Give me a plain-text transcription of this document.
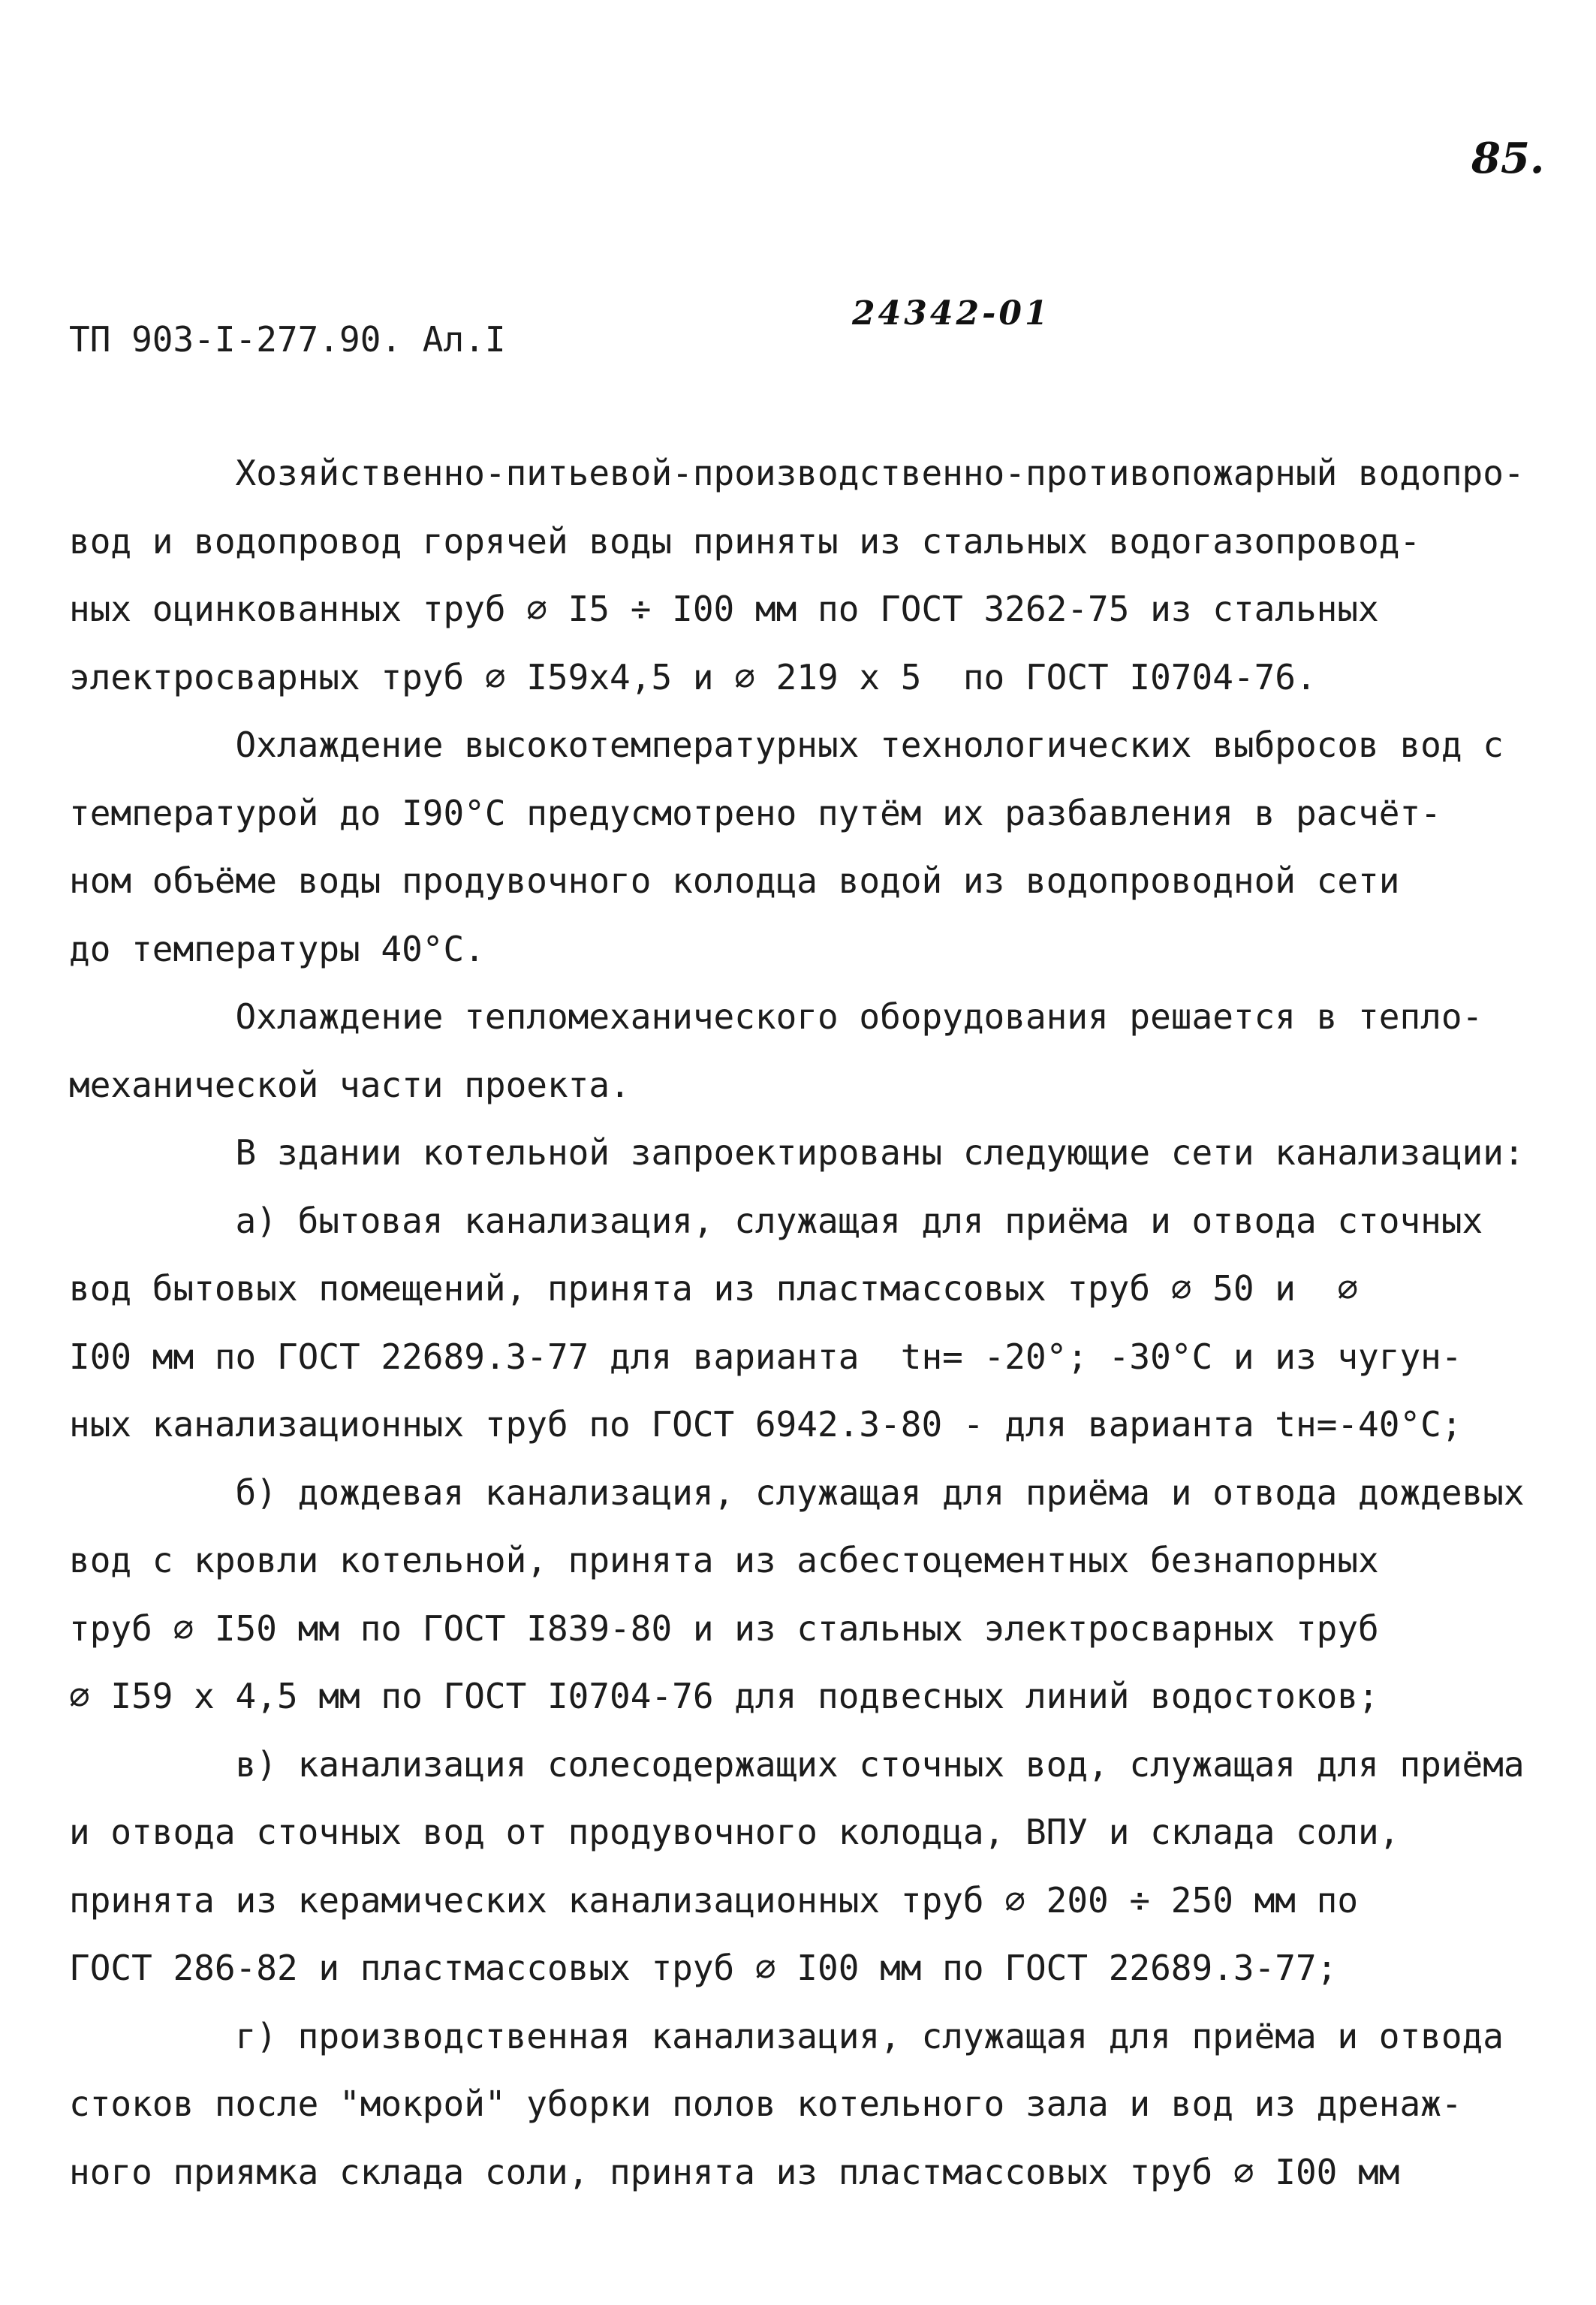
85.
24342-01
ТП 903-I-277.90. Ал.I
Хозяйственно-питьевой-производственно-противопожарный водопро-
вод и водопровод горячей воды приняты из стальных водогазопровод-
ных оцинкованных труб ∅ I5 ÷ I00 мм по ГОСТ 3262-75 из стальных
электросварных труб ∅ I59х4,5 и ∅ 219 х 5  по ГОСТ I0704-76.
Охлаждение высокотемпературных технологических выбросов вод с
температурой до I90°С предусмотрено путём их разбавления в расчёт-
ном объёме воды продувочного колодца водой из водопроводной сети
до температуры 40°С.
Охлаждение тепломеханического оборудования решается в тепло-
механической части проекта.
В здании котельной запроектированы следующие сети канализации:
а) бытовая канализация, служащая для приёма и отвода сточных
вод бытовых помещений, принята из пластмассовых труб ∅ 50 и  ∅
I00 мм по ГОСТ 22689.3-77 для варианта  tн= -20°; -30°С и из чугун-
ных канализационных труб по ГОСТ 6942.3-80 - для варианта tн=-40°С;
б) дождевая канализация, служащая для приёма и отвода дождевых
вод с кровли котельной, принята из асбестоцементных безнапорных
труб ∅ I50 мм по ГОСТ I839-80 и из стальных электросварных труб
∅ I59 х 4,5 мм по ГОСТ I0704-76 для подвесных линий водостоков;
в) канализация солесодержащих сточных вод, служащая для приёма
и отвода сточных вод от продувочного колодца, ВПУ и склада соли,
принята из керамических канализационных труб ∅ 200 ÷ 250 мм по
ГОСТ 286-82 и пластмассовых труб ∅ I00 мм по ГОСТ 22689.3-77;
г) производственная канализация, служащая для приёма и отвода
стоков после "мокрой" уборки полов котельного зала и вод из дренаж-
ного приямка склада соли, принята из пластмассовых труб ∅ I00 мм
